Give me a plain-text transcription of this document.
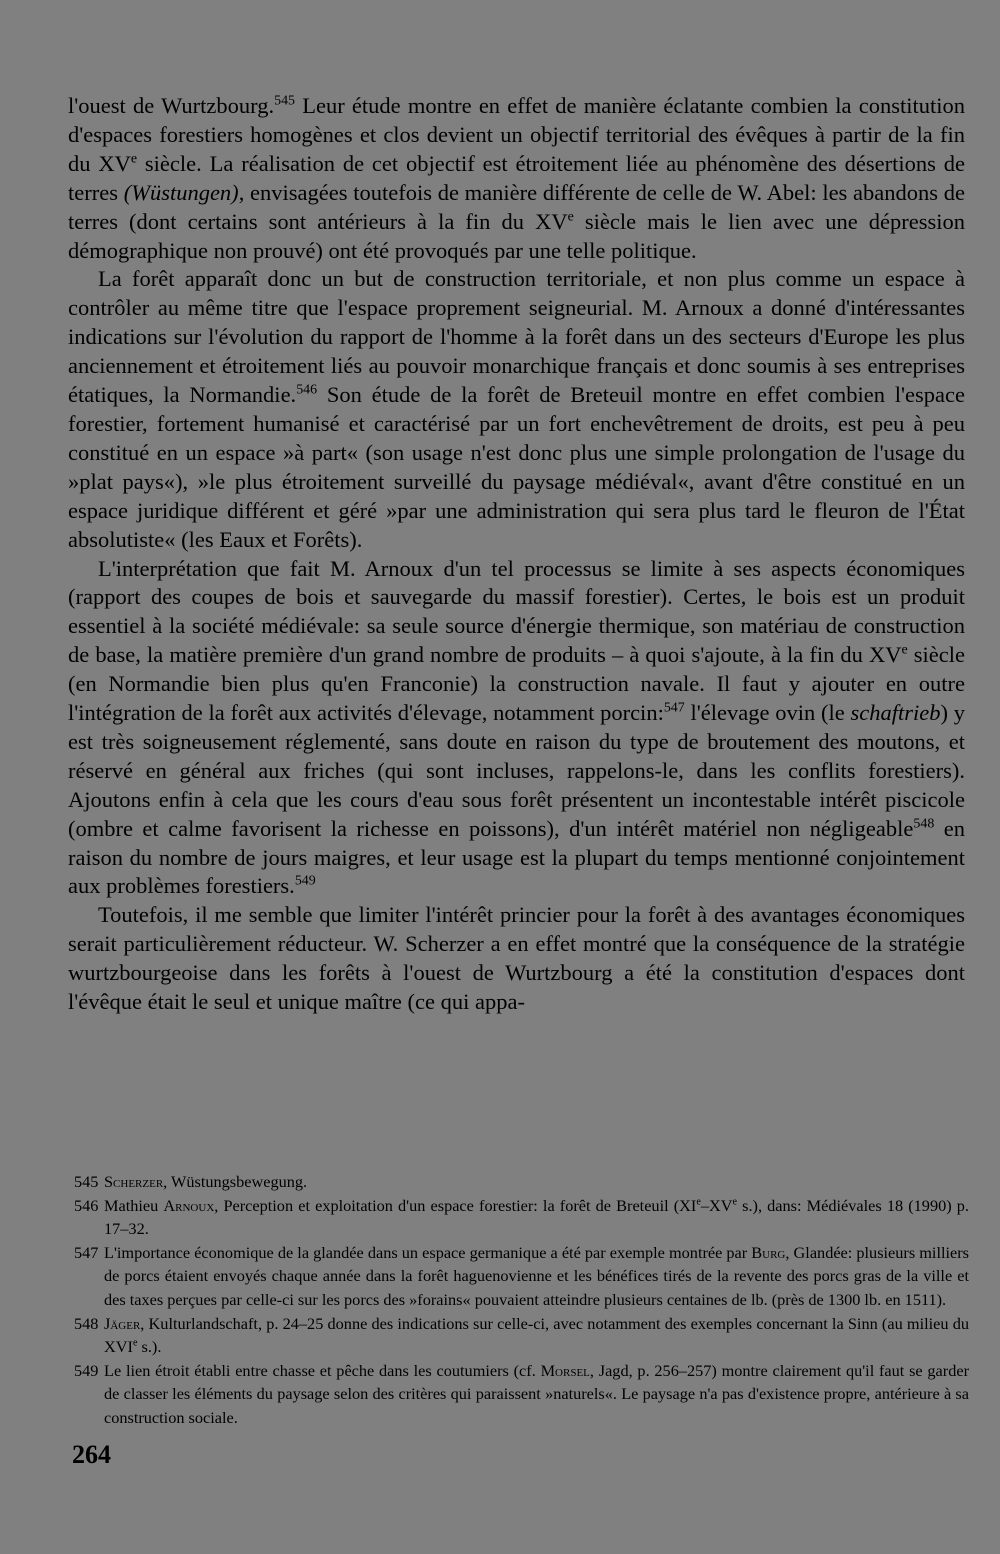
l'ouest de Wurtzbourg.$^{545}$ Leur étude montre en effet de manière éclatante combien la constitution d'espaces forestiers homogènes et clos devient un objectif territorial des évêques à partir de la fin du XVe siècle. La réalisation de cet objectif est étroitement liée au phénomène des désertions de terres (Wüstungen), envisagées toutefois de manière différente de celle de W. Abel: les abandons de terres (dont certains sont antérieurs à la fin du XVe siècle mais le lien avec une dépression démographique non prouvé) ont été provoqués par une telle politique.

La forêt apparaît donc un but de construction territoriale, et non plus comme un espace à contrôler au même titre que l'espace proprement seigneurial. M. Arnoux a donné d'intéressantes indications sur l'évolution du rapport de l'homme à la forêt dans un des secteurs d'Europe les plus anciennement et étroitement liés au pouvoir monarchique français et donc soumis à ses entreprises étatiques, la Normandie.$^{546}$ Son étude de la forêt de Breteuil montre en effet combien l'espace forestier, fortement humanisé et caractérisé par un fort enchevêtrement de droits, est peu à peu constitué en un espace »à part« (son usage n'est donc plus une simple prolongation de l'usage du »plat pays«), »le plus étroitement surveillé du paysage médiéval«, avant d'être constitué en un espace juridique différent et géré »par une administration qui sera plus tard le fleuron de l'État absolutiste« (les Eaux et Forêts).

L'interprétation que fait M. Arnoux d'un tel processus se limite à ses aspects économiques (rapport des coupes de bois et sauvegarde du massif forestier). Certes, le bois est un produit essentiel à la société médiévale: sa seule source d'énergie thermique, son matériau de construction de base, la matière première d'un grand nombre de produits – à quoi s'ajoute, à la fin du XVe siècle (en Normandie bien plus qu'en Franconie) la construction navale. Il faut y ajouter en outre l'intégration de la forêt aux activités d'élevage, notamment porcin:$^{547}$ l'élevage ovin (le schaftrieb) y est très soigneusement réglementé, sans doute en raison du type de broutement des moutons, et réservé en général aux friches (qui sont incluses, rappelons-le, dans les conflits forestiers). Ajoutons enfin à cela que les cours d'eau sous forêt présentent un incontestable intérêt piscicole (ombre et calme favorisent la richesse en poissons), d'un intérêt matériel non négligeable$^{548}$ en raison du nombre de jours maigres, et leur usage est la plupart du temps mentionné conjointement aux problèmes forestiers.$^{549}$

Toutefois, il me semble que limiter l'intérêt princier pour la forêt à des avantages économiques serait particulièrement réducteur. W. Scherzer a en effet montré que la conséquence de la stratégie wurtzbourgeoise dans les forêts à l'ouest de Wurtzbourg a été la constitution d'espaces dont l'évêque était le seul et unique maître (ce qui appa-

545 Scherzer, Wüstungsbewegung.
546 Mathieu Arnoux, Perception et exploitation d'un espace forestier: la forêt de Breteuil (XIe–XVe s.), dans: Médiévales 18 (1990) p. 17–32.
547 L'importance économique de la glandée dans un espace germanique a été par exemple montrée par Burg, Glandée: plusieurs milliers de porcs étaient envoyés chaque année dans la forêt haguenovienne et les bénéfices tirés de la revente des porcs gras de la ville et des taxes perçues par celle-ci sur les porcs des »forains« pouvaient atteindre plusieurs centaines de lb. (près de 1300 lb. en 1511).
548 Jäger, Kulturlandschaft, p. 24–25 donne des indications sur celle-ci, avec notamment des exemples concernant la Sinn (au milieu du XVIe s.).
549 Le lien étroit établi entre chasse et pêche dans les coutumiers (cf. Morsel, Jagd, p. 256–257) montre clairement qu'il faut se garder de classer les éléments du paysage selon des critères qui paraissent »naturels«. Le paysage n'a pas d'existence propre, antérieure à sa construction sociale.
264
